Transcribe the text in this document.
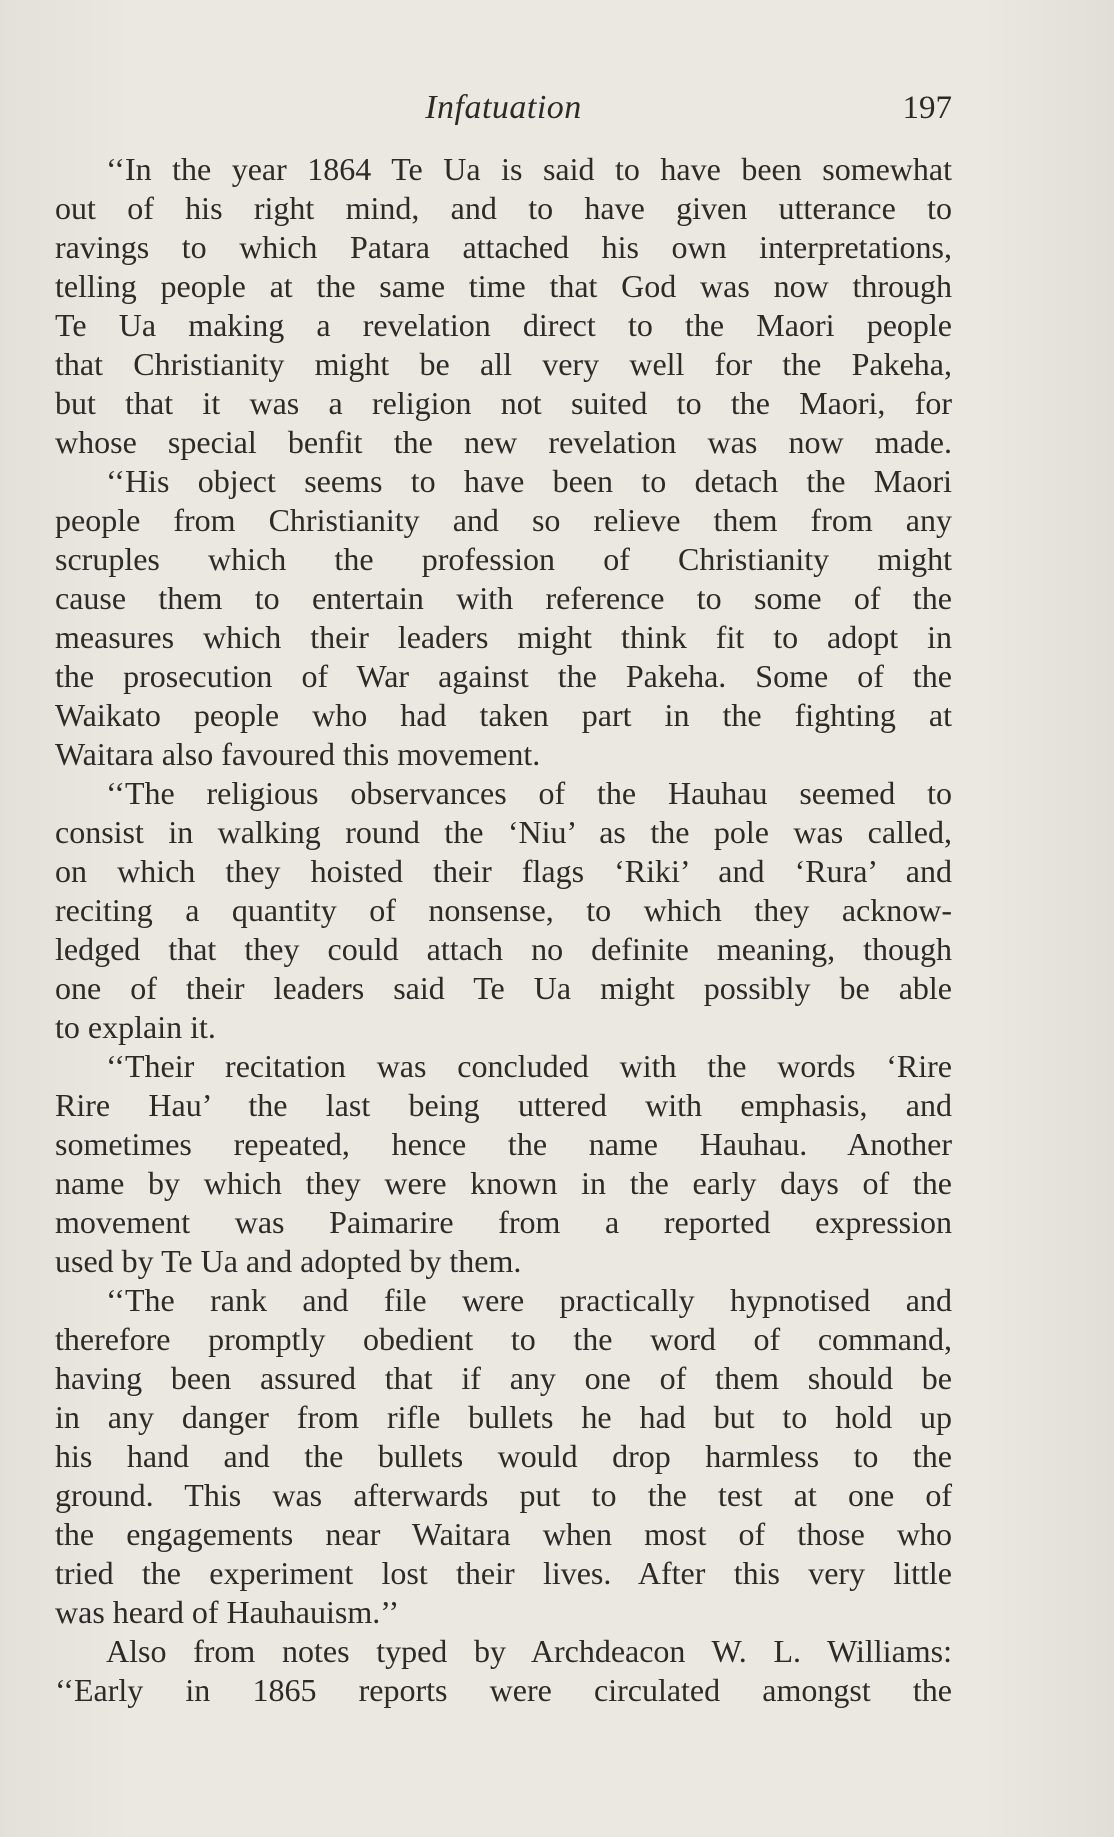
Infatuation	197
‘‘In the year 1864 Te Ua is said to have been somewhat
out of his right mind, and to have given utterance to
ravings to which Patara attached his own interpretations,
telling people at the same time that God was now through
Te Ua making a revelation direct to the Maori people
that Christianity might be all very well for the Pakeha,
but that it was a religion not suited to the Maori, for
whose special benfit the new revelation was now made.
‘‘His object seems to have been to detach the Maori
people from Christianity and so relieve them from any
scruples which the profession of Christianity might
cause them to entertain with reference to some of the
measures which their leaders might think fit to adopt in
the prosecution of War against the Pakeha. Some of the
Waikato people who had taken part in the fighting at
Waitara also favoured this movement.
‘‘The religious observances of the Hauhau seemed to
consist in walking round the ‘Niu’ as the pole was called,
on which they hoisted their flags ‘Riki’ and ‘Rura’ and
reciting a quantity of nonsense, to which they acknow-
ledged that they could attach no definite meaning, though
one of their leaders said Te Ua might possibly be able
to explain it.
‘‘Their recitation was concluded with the words ‘Rire
Rire Hau’ the last being uttered with emphasis, and
sometimes repeated, hence the name Hauhau. Another
name by which they were known in the early days of the
movement was Paimarire from a reported expression
used by Te Ua and adopted by them.
‘‘The rank and file were practically hypnotised and
therefore promptly obedient to the word of command,
having been assured that if any one of them should be
in any danger from rifle bullets he had but to hold up
his hand and the bullets would drop harmless to the
ground. This was afterwards put to the test at one of
the engagements near Waitara when most of those who
tried the experiment lost their lives. After this very little
was heard of Hauhauism.’’
Also from notes typed by Archdeacon W. L. Williams:
‘‘Early in 1865 reports were circulated amongst the
